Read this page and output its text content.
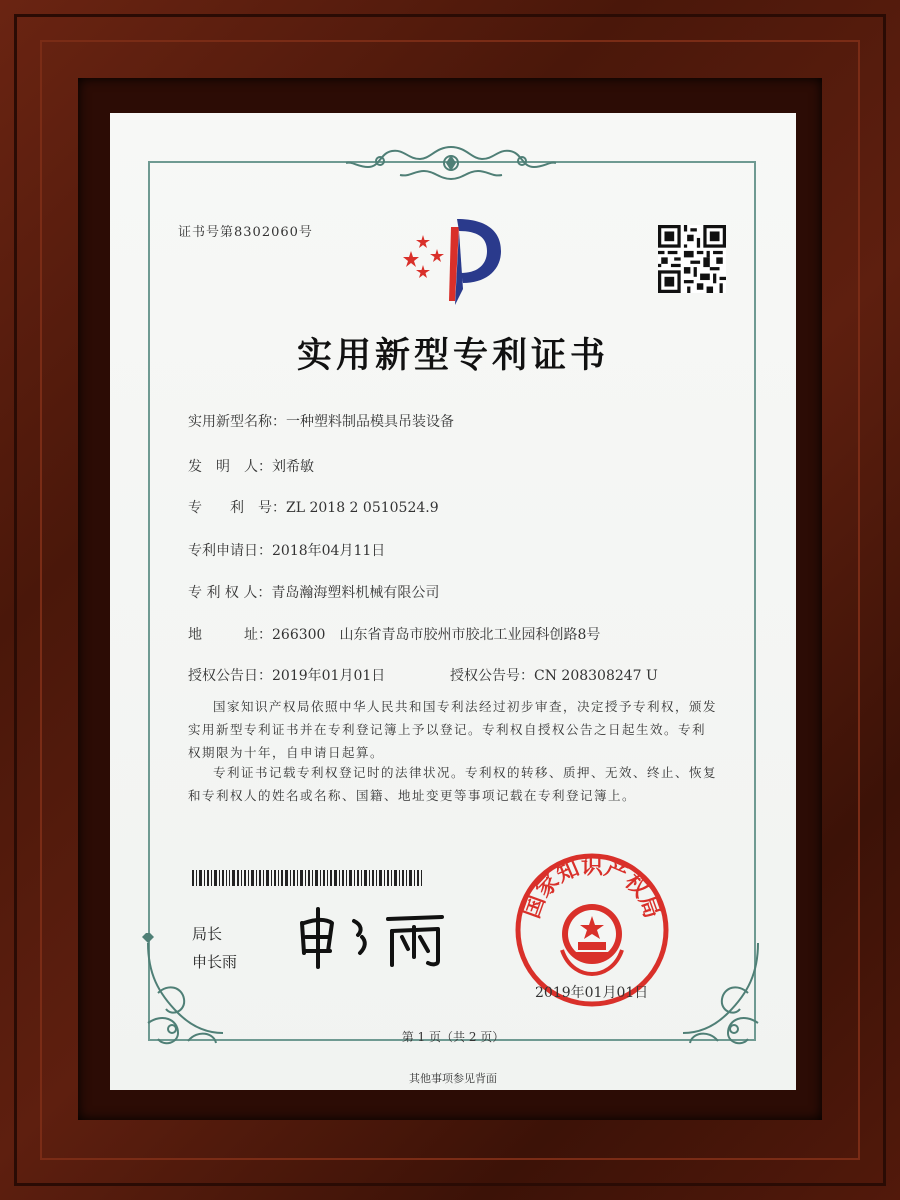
证书号第8302060号
实用新型专利证书
实用新型名称：一种塑料制品模具吊装设备
发　明　人：刘希敏
专　　利　号：ZL 2018 2 0510524.9
专利申请日：2018年04月11日
专 利 权 人：青岛瀚海塑料机械有限公司
地　　　址：266300　山东省青岛市胶州市胶北工业园科创路8号
授权公告日：2019年01月01日	授权公告号：CN 208308247 U
国家知识产权局依照中华人民共和国专利法经过初步审查，决定授予专利权，颁发实用新型专利证书并在专利登记簿上予以登记。专利权自授权公告之日起生效。专利权期限为十年，自申请日起算。
专利证书记载专利权登记时的法律状况。专利权的转移、质押、无效、终止、恢复和专利权人的姓名或名称、国籍、地址变更等事项记载在专利登记簿上。
局长
申长雨
国家知识产权局
2019年01月01日
第 1 页（共 2 页）
其他事项参见背面
